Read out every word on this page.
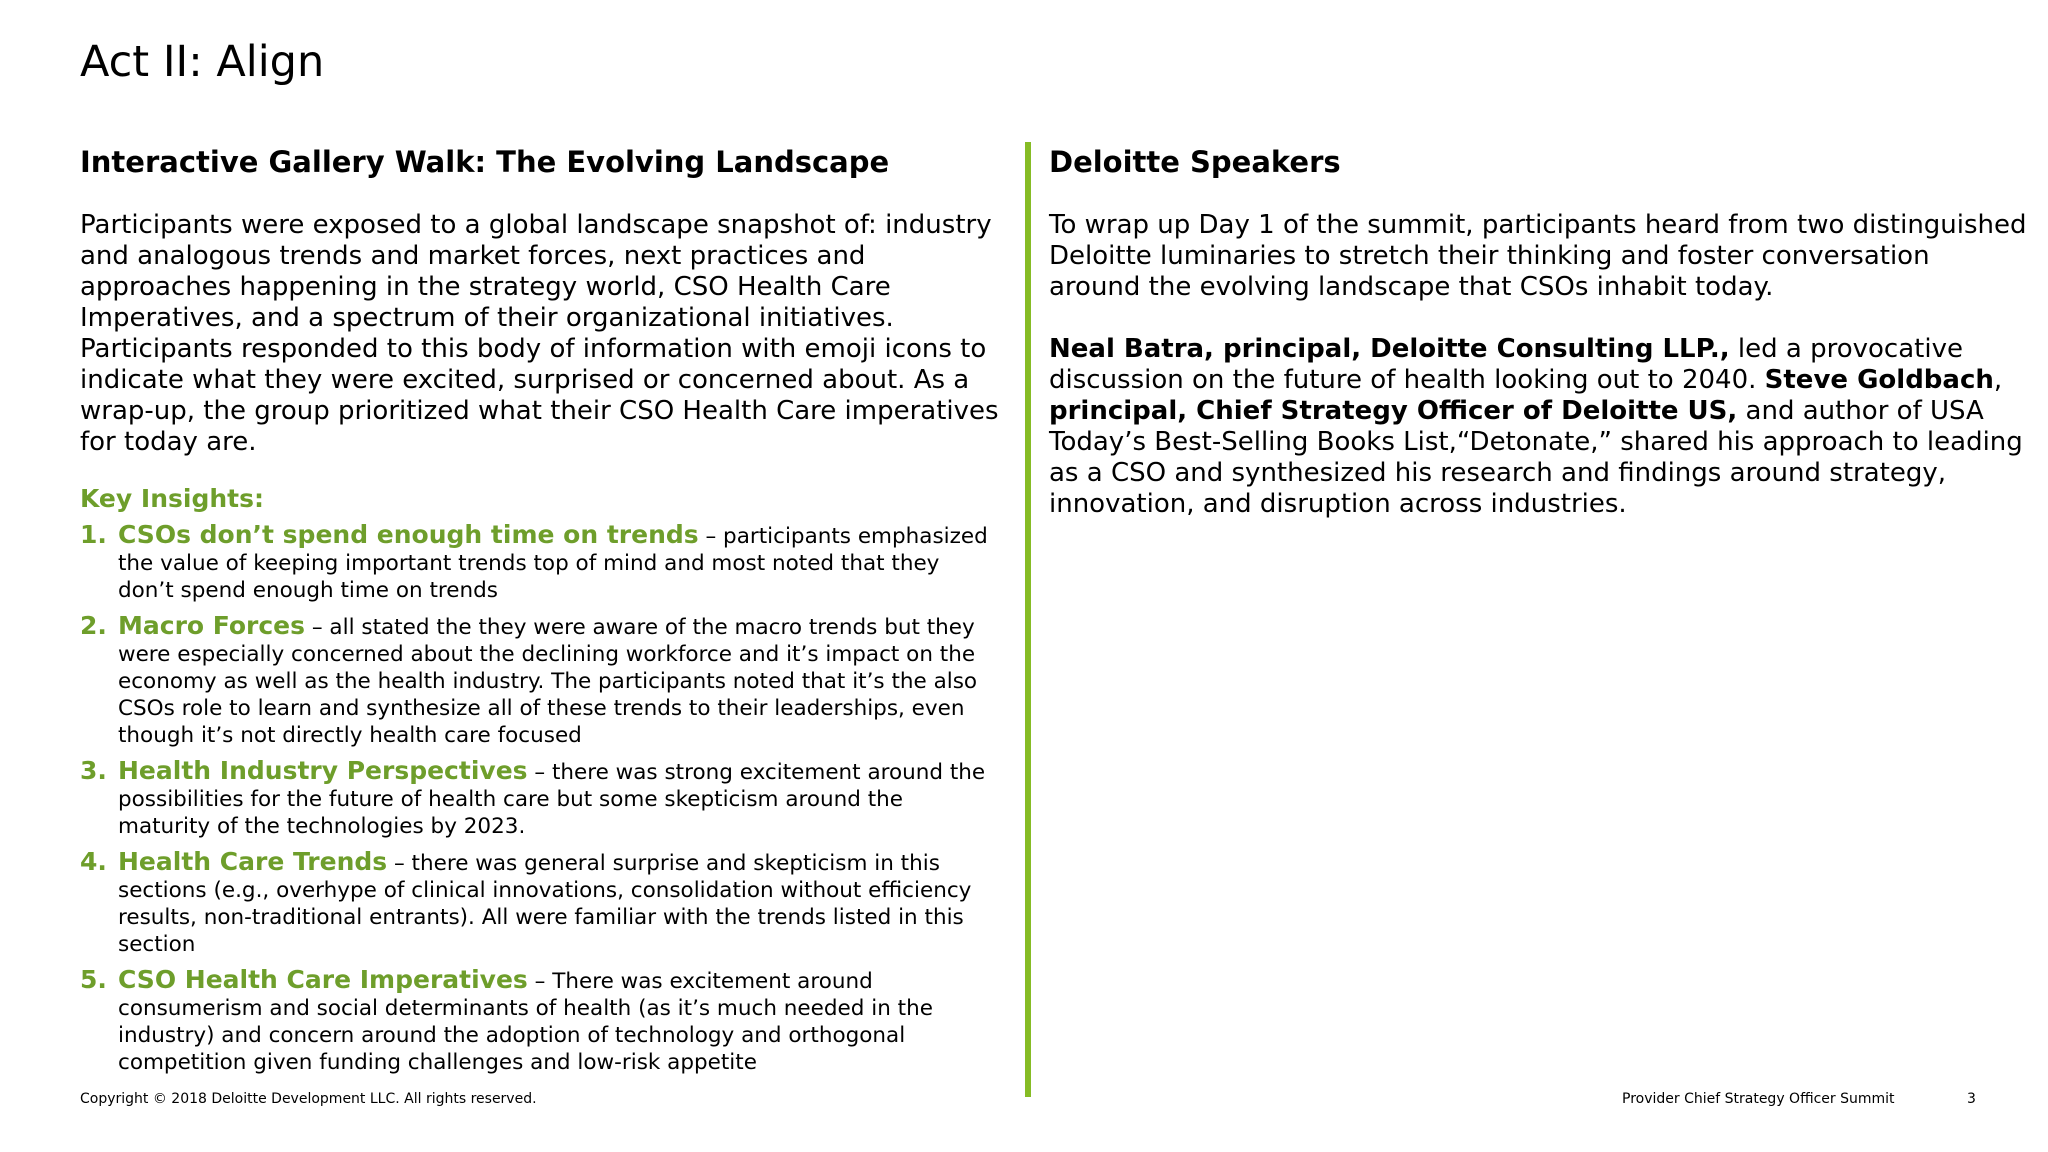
Act II: Align
Interactive Gallery Walk: The Evolving Landscape	Deloitte Speakers

Participants were exposed to a global landscape snapshot of: industry and analogous trends and market forces, next practices and approaches happening in the strategy world, CSO Health Care Imperatives, and a spectrum of their organizational initiatives. Participants responded to this body of information with emoji icons to indicate what they were excited, surprised or concerned about. As a wrap-up, the group prioritized what their CSO Health Care imperatives for today are.

Key Insights:
1. CSOs don’t spend enough time on trends – participants emphasized the value of keeping important trends top of mind and most noted that they don’t spend enough time on trends
2. Macro Forces – all stated the they were aware of the macro trends but they were especially concerned about the declining workforce and it’s impact on the economy as well as the health industry. The participants noted that it’s the also CSOs role to learn and synthesize all of these trends to their leaderships, even though it’s not directly health care focused
3. Health Industry Perspectives – there was strong excitement around the possibilities for the future of health care but some skepticism around the maturity of the technologies by 2023.
4. Health Care Trends – there was general surprise and skepticism in this sections (e.g., overhype of clinical innovations, consolidation without efficiency results, non-traditional entrants). All were familiar with the trends listed in this section
5. CSO Health Care Imperatives – There was excitement around consumerism and social determinants of health (as it’s much needed in the industry) and concern around the adoption of technology and orthogonal competition given funding challenges and low-risk appetite

To wrap up Day 1 of the summit, participants heard from two distinguished Deloitte luminaries to stretch their thinking and foster conversation around the evolving landscape that CSOs inhabit today.

Neal Batra, principal, Deloitte Consulting LLP., led a provocative discussion on the future of health looking out to 2040. Steve Goldbach, principal, Chief Strategy Officer of Deloitte US, and author of USA Today’s Best-Selling Books List,“Detonate,” shared his approach to leading as a CSO and synthesized his research and findings around strategy, innovation, and disruption across industries.

Copyright © 2018 Deloitte Development LLC. All rights reserved.	Provider Chief Strategy Officer Summit	3
